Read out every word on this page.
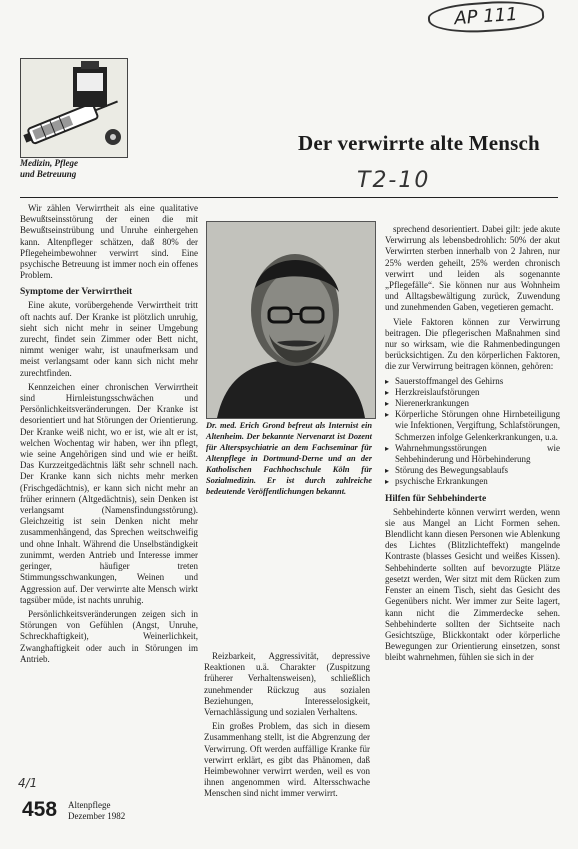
AP 111
T2-10
Medizin, Pflege
und Betreuung
Der verwirrte alte Mensch

Wir zählen Verwirrtheit als eine qualitative Bewußtseinsstörung der einen die mit Bewußtseinstrübung und Unruhe einhergehen kann. Altenpfleger schätzen, daß 80% der Pflegeheimbewohner verwirrt sind. Eine psychische Betreuung ist immer noch ein offenes Problem.

Symptome der Verwirrtheit

Eine akute, vorübergehende Verwirrtheit tritt oft nachts auf. Der Kranke ist plötzlich unruhig, sieht sich nicht mehr in seiner Umgebung zurecht, findet sein Zimmer oder Bett nicht, nimmt weniger wahr, ist unaufmerksam und meist verlangsamt oder kann sich nicht mehr zurechtfinden.

Kennzeichen einer chronischen Verwirrtheit sind Hirnleistungsschwächen und Persönlichkeitsveränderungen. Der Kranke ist desorientiert und hat Störungen der Orientierung. Der Kranke weiß nicht, wo er ist, wie alt er ist, welchen Wochentag wir haben, wer ihn pflegt, wie seine Angehörigen sind und wie er heißt. Das Kurzzeitgedächtnis läßt sehr schnell nach. Der Kranke kann sich nichts mehr merken (Frischgedächtnis), er kann sich nicht mehr an früher erinnern (Altgedächtnis), sein Denken ist verlangsamt (Namensfindungsstörung). Gleichzeitig ist sein Denken nicht mehr zusammenhängend, das Sprechen weitschweifig und ohne Inhalt. Während die Unselbständigkeit zunimmt, werden Antrieb und Interesse immer geringer, häufiger treten Stimmungsschwankungen, Weinen und Aggression auf. Der verwirrte alte Mensch wirkt tagsüber müde, ist nachts unruhig.

Persönlichkeitsveränderungen zeigen sich in Störungen von Gefühlen (Angst, Unruhe, Schreckhaftigkeit), Weinerlichkeit, Zwanghaftigkeit oder auch in Störungen im Antrieb.

Dr. med. Erich Grond befreut als Internist ein Altenheim. Der bekannte Nervenarzt ist Dozent für Alterspsychiatrie an dem Fachseminar für Altenpflege in Dortmund-Derne und an der Katholischen Fachhochschule Köln für Sozialmedizin. Er ist durch zahlreiche bedeutende Veröffentlichungen bekannt.

Reizbarkeit, Aggressivität, depressive Reaktionen u.ä. Charakter (Zuspitzung früherer Verhaltensweisen), schließlich zunehmender Rückzug aus sozialen Beziehungen, Interesselosigkeit, Vernachlässigung und sozialen Verhaltens.

Ein großes Problem, das sich in diesem Zusammenhang stellt, ist die Abgrenzung der Verwirrung. Oft werden auffällige Kranke für verwirrt erklärt, es gibt das Phänomen, daß Heimbewohner verwirrt werden, weil es von ihnen angenommen wird. Altersschwache Menschen sind nicht immer verwirrt.

sprechend desorientiert. Dabei gilt: jede akute Verwirrung als lebensbedrohlich: 50% der akut Verwirrten sterben innerhalb von 2 Jahren, nur 25% werden geheilt, 25% werden chronisch verwirrt und leiden als sogenannte „Pflegefälle“. Sie können nur aus Wohnheim und Alltagsbewältigung zurück, Zuwendung und zunehmenden Gaben, vegetieren gemacht.

Viele Faktoren können zur Verwirrung beitragen. Die pflegerischen Maßnahmen sind nur so wirksam, wie die Rahmenbedingungen berücksichtigen. Zu den körperlichen Faktoren, die zur Verwirrung beitragen können, gehören:

▸ Sauerstoffmangel des Gehirns
▸ Herzkreislaufstörungen
▸ Nierenerkrankungen
▸ Körperliche Störungen ohne Hirnbeteiligung wie Infektionen, Vergiftung, Schlafstörungen, Schmerzen infolge Gelenkerkrankungen, u.a.
▸ Wahrnehmungsstörungen wie Sehbehinderung und Hörbehinderung
▸ Störung des Bewegungsablaufs
▸ psychische Erkrankungen
Hilfen für Sehbehinderte

Sehbehinderte können verwirrt werden, wenn sie aus Mangel an Licht Formen sehen. Blendlicht kann diesen Personen wie Ablenkung des Lichtes (Blitzlichteffekt) mangelnde Kontraste (blasses Gesicht und weißes Kissen). Sehbehinderte sollten auf bevorzugte Plätze gesetzt werden, Wer sitzt mit dem Rücken zum Fenster an einem Tisch, sieht das Gesicht des Gegenübers nicht. Wer immer zur Seite lagert, kann nicht die Zimmerdecke sehen. Sehbehinderte sollten der Sichtseite nach Gesichtszüge, Blickkontakt oder körperliche Bewegungen zur Orientierung einsetzen, sonst bleibt wahrnehmen, fühlen sie sich in der

4/1
458 Altenpflege
Dezember 1982
